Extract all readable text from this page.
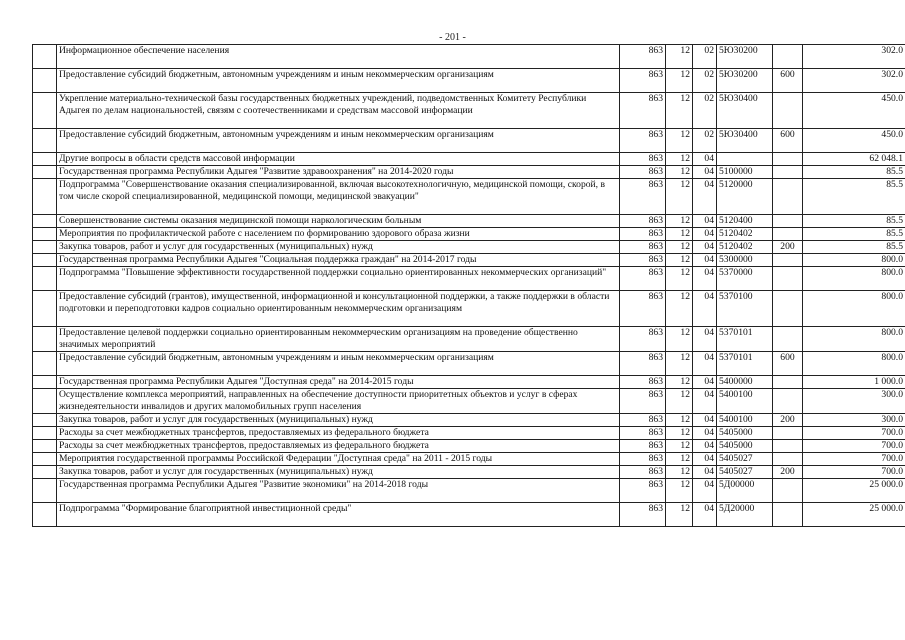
- 201 -
	Информационное обеспечение населения	863	12	02	5Ю30200		302.0
	Предоставление субсидий бюджетным, автономным учреждениям и иным некоммерческим организациям	863	12	02	5Ю30200	600	302.0
	Укрепление материально-технической базы государственных бюджетных учреждений, подведомственных Комитету Республики Адыгея по делам национальностей, связям с соотечественниками и средствам массовой информации	863	12	02	5Ю30400		450.0
	Предоставление субсидий бюджетным, автономным учреждениям и иным некоммерческим организациям	863	12	02	5Ю30400	600	450.0
	Другие вопросы в области средств массовой информации	863	12	04			62 048.1
	Государственная программа Республики Адыгея "Развитие здравоохранения" на 2014-2020 годы	863	12	04	5100000		85.5
	Подпрограмма "Совершенствование оказания специализированной, включая высокотехнологичную, медицинской помощи, скорой, в том числе скорой специализированной, медицинской помощи, медицинской эвакуации"	863	12	04	5120000		85.5
	Совершенствование системы оказания медицинской помощи наркологическим больным	863	12	04	5120400		85.5
	Мероприятия по профилактической работе с населением по формированию здорового образа жизни	863	12	04	5120402		85.5
	Закупка товаров, работ и услуг для государственных (муниципальных) нужд	863	12	04	5120402	200	85.5
	Государственная программа Республики Адыгея "Социальная поддержка граждан" на 2014-2017 годы	863	12	04	5300000		800.0
	Подпрограмма "Повышение эффективности государственной поддержки социально ориентированных некоммерческих организаций"	863	12	04	5370000		800.0
	Предоставление субсидий (грантов), имущественной, информационной и консультационной поддержки, а также поддержки в области подготовки и переподготовки кадров социально ориентированным некоммерческим организациям	863	12	04	5370100		800.0
	Предоставление целевой поддержки социально ориентированным некоммерческим организациям на проведение общественно значимых мероприятий	863	12	04	5370101		800.0
	Предоставление субсидий бюджетным, автономным учреждениям и иным некоммерческим организациям	863	12	04	5370101	600	800.0
	Государственная программа Республики Адыгея "Доступная среда" на 2014-2015 годы	863	12	04	5400000		1 000.0
	Осуществление комплекса мероприятий, направленных на обеспечение доступности приоритетных объектов и услуг в сферах жизнедеятельности инвалидов и других маломобильных групп населения	863	12	04	5400100		300.0
	Закупка товаров, работ и услуг для государственных (муниципальных) нужд	863	12	04	5400100	200	300.0
	Расходы за счет межбюджетных трансфертов, предоставляемых из федерального бюджета	863	12	04	5405000		700.0
	Расходы за счет межбюджетных трансфертов, предоставляемых из федерального бюджета	863	12	04	5405000		700.0
	Мероприятия государственной программы Российской Федерации "Доступная среда" на 2011 - 2015 годы	863	12	04	5405027		700.0
	Закупка товаров, работ и услуг для государственных (муниципальных) нужд	863	12	04	5405027	200	700.0
	Государственная программа Республики Адыгея "Развитие экономики" на 2014-2018 годы	863	12	04	5Д00000		25 000.0
	Подпрограмма "Формирование благоприятной инвестиционной среды"	863	12	04	5Д20000		25 000.0
